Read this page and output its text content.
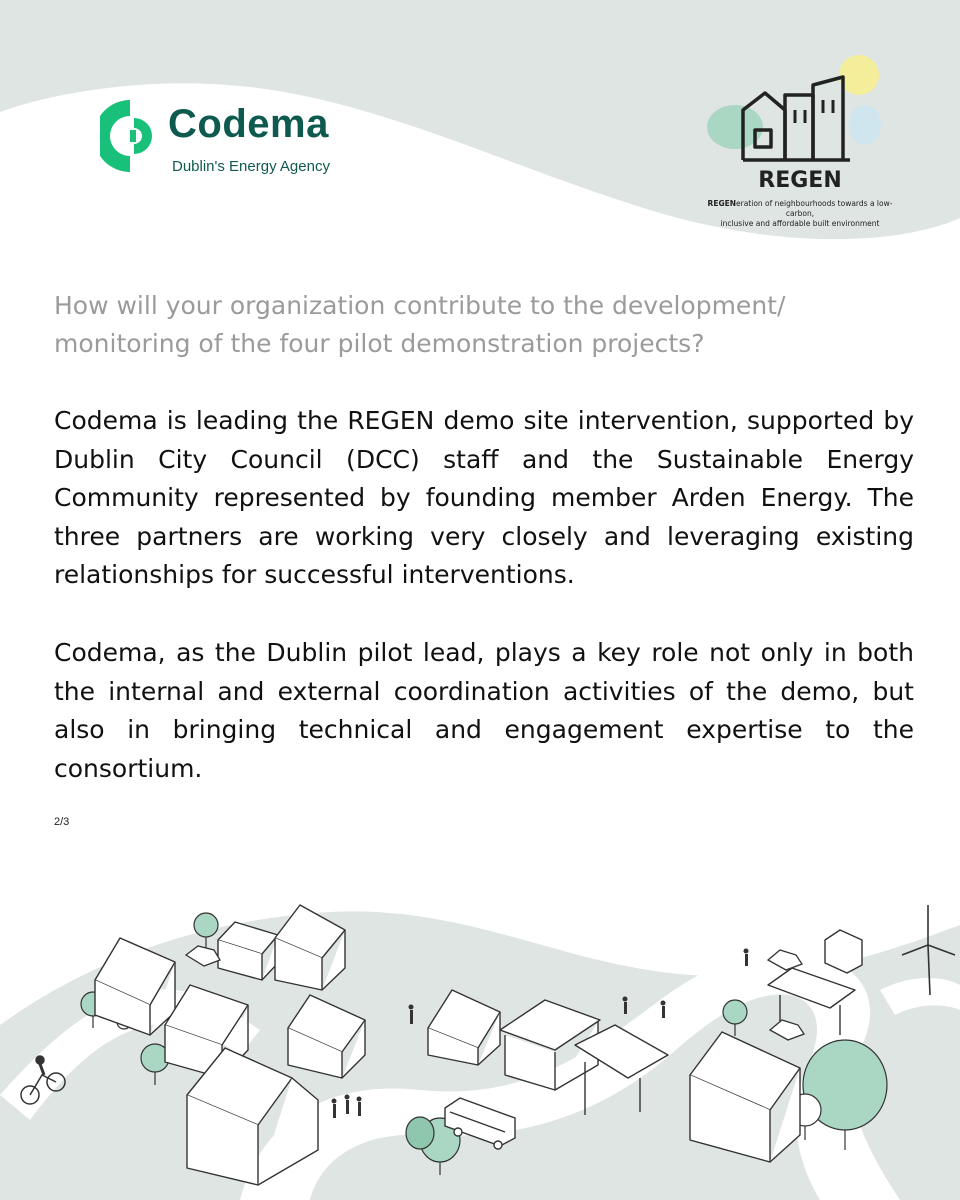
Codema
Dublin's Energy Agency
REGEN
REGENeration of neighbourhoods towards a low-carbon,
inclusive and affordable built environment
How will your organization contribute to the development/ monitoring of the four pilot demonstration projects?

Codema is leading the REGEN demo site intervention, supported by Dublin City Council (DCC) staff and the Sustainable Energy Community represented by founding member Arden Energy. The three partners are working very closely and leveraging existing relationships for successful interventions.

Codema, as the Dublin pilot lead, plays a key role not only in both the internal and external coordination activities of the demo, but also in bringing technical and engagement expertise to the consortium.

2/3
